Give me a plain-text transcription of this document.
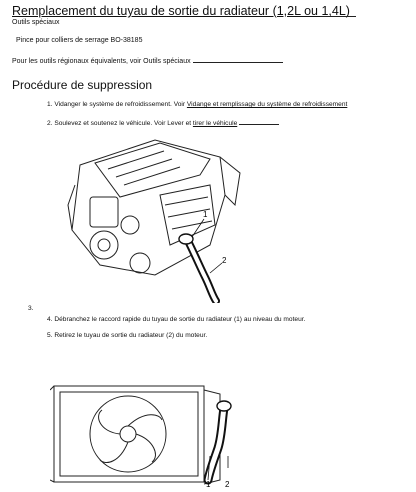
Remplacement du tuyau de sortie du radiateur (1,2L ou 1,4L)
Outils spéciaux
Pince pour colliers de serrage BO-38185
Pour les outils régionaux équivalents, voir Outils spéciaux
Procédure de suppression
1. Vidanger le système de refroidissement. Voir Vidange et remplissage du système de refroidissement
2. Soulevez et soutenez le véhicule. Voir Lever et tirer le véhicule
1
2
3.
4. Débranchez le raccord rapide du tuyau de sortie du radiateur (1) au niveau du moteur.
5. Retirez le tuyau de sortie du radiateur (2) du moteur.
1 2
